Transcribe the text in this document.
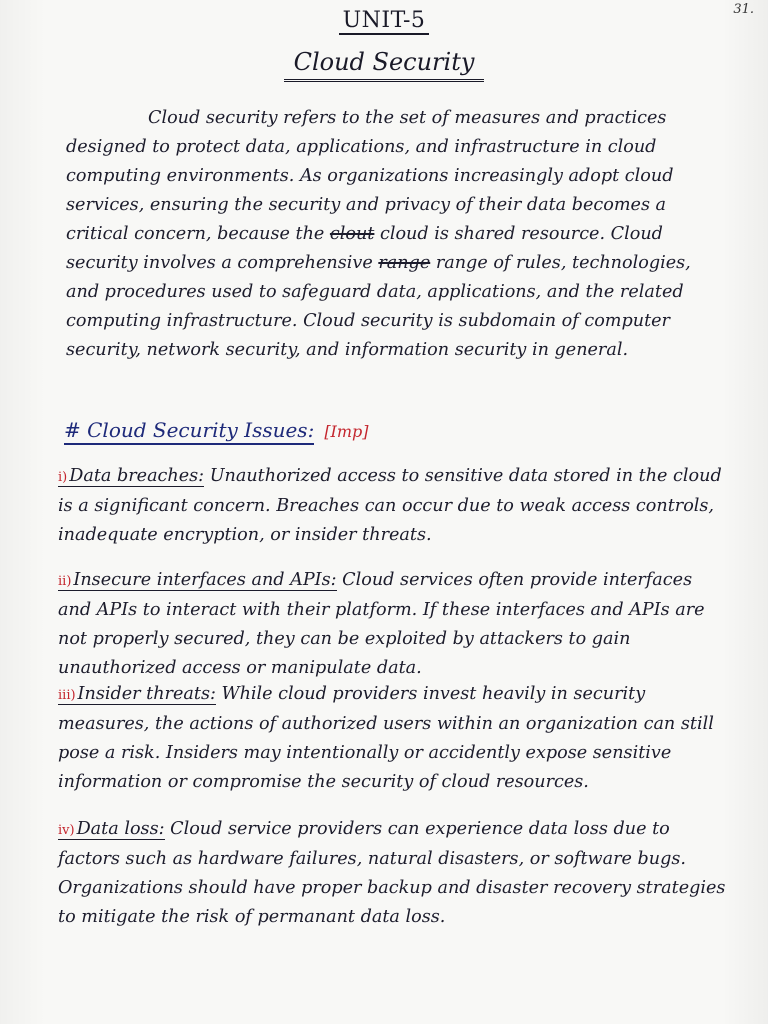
31.
UNIT-5
Cloud Security

Cloud security refers to the set of measures and practices designed to protect data, applications, and infrastructure in cloud computing environments. As organizations increasingly adopt cloud services, ensuring the security and privacy of their data becomes a critical concern, because the clout cloud is shared resource. Cloud security involves a comprehensive range range of rules, technologies, and procedures used to safeguard data, applications, and the related computing infrastructure. Cloud security is subdomain of computer security, network security, and information security in general.

# Cloud Security Issues: [Imp]

i) Data breaches: Unauthorized access to sensitive data stored in the cloud is a significant concern. Breaches can occur due to weak access controls, inadequate encryption, or insider threats.

ii) Insecure interfaces and APIs: Cloud services often provide interfaces and APIs to interact with their platform. If these interfaces and APIs are not properly secured, they can be exploited by attackers to gain unauthorized access or manipulate data.

iii) Insider threats: While cloud providers invest heavily in security measures, the actions of authorized users within an organization can still pose a risk. Insiders may intentionally or accidently expose sensitive information or compromise the security of cloud resources.

iv) Data loss: Cloud service providers can experience data loss due to factors such as hardware failures, natural disasters, or software bugs. Organizations should have proper backup and disaster recovery strategies to mitigate the risk of permanant data loss.
